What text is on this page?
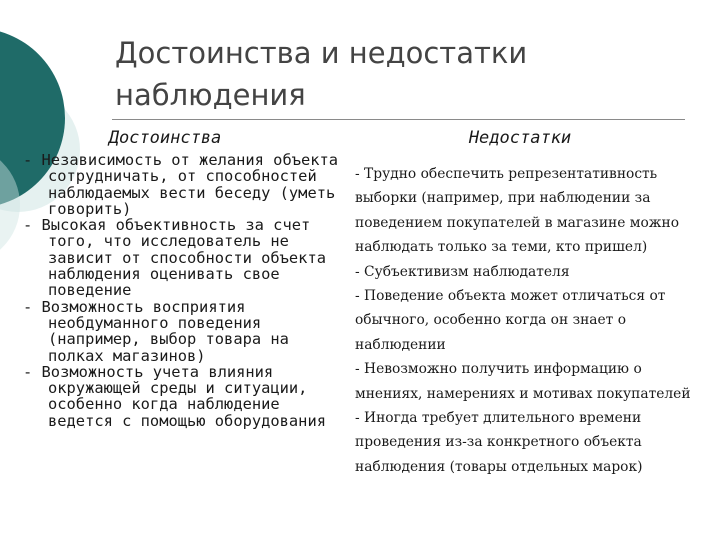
Достоинства и недостатки
наблюдения
Достоинства	Недостатки
- Независимость от желания объекта сотрудничать, от способностей наблюдаемых вести беседу (уметь говорить)
- Высокая объективность за счет того, что исследователь не зависит от способности объекта наблюдения оценивать свое поведение
- Возможность восприятия необдуманного поведения (например, выбор товара на полках магазинов)
- Возможность учета влияния окружающей среды и ситуации, особенно когда наблюдение ведется с помощью оборудования
- Трудно обеспечить репрезентативность выборки (например, при наблюдении за поведением покупателей в магазине можно наблюдать только за теми, кто пришел)
- Субъективизм наблюдателя
- Поведение объекта может отличаться от обычного, особенно когда он знает о наблюдении
- Невозможно получить информацию о мнениях, намерениях и мотивах покупателей
- Иногда требует длительного времени проведения из-за конкретного объекта наблюдения (товары отдельных марок)
